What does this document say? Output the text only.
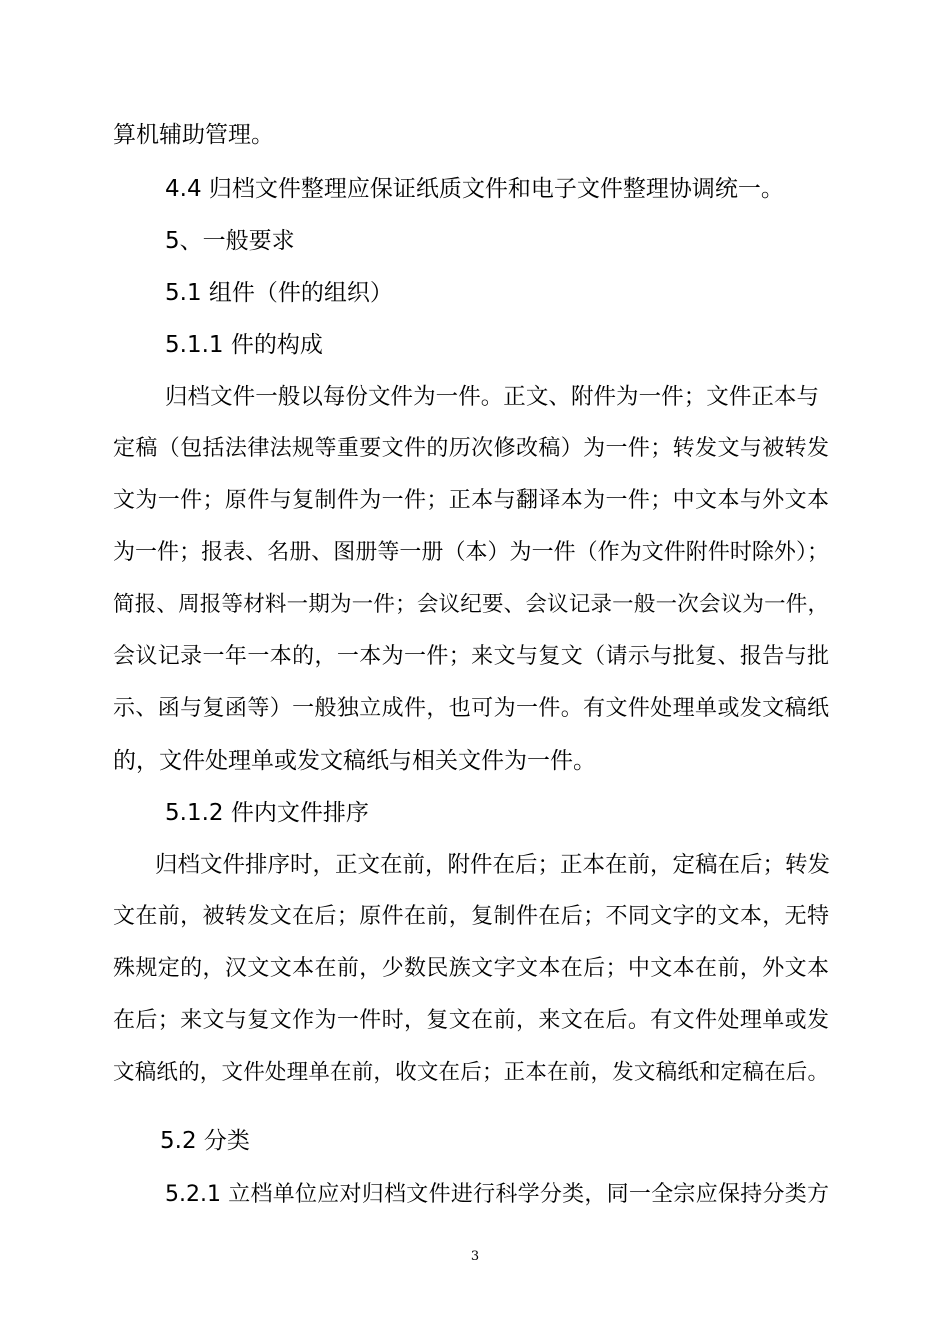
算机辅助管理。
4.4 归档文件整理应保证纸质文件和电子文件整理协调统一。
5、一般要求
5.1 组件（件的组织）
5.1.1 件的构成
归档文件一般以每份文件为一件。正文、附件为一件；文件正本与
定稿（包括法律法规等重要文件的历次修改稿）为一件；转发文与被转发
文为一件；原件与复制件为一件；正本与翻译本为一件；中文本与外文本
为一件；报表、名册、图册等一册（本）为一件（作为文件附件时除外）；
简报、周报等材料一期为一件；会议纪要、会议记录一般一次会议为一件，
会议记录一年一本的，一本为一件；来文与复文（请示与批复、报告与批
示、函与复函等）一般独立成件，也可为一件。有文件处理单或发文稿纸
的，文件处理单或发文稿纸与相关文件为一件。
5.1.2 件内文件排序
归档文件排序时，正文在前，附件在后；正本在前，定稿在后；转发
文在前，被转发文在后；原件在前，复制件在后；不同文字的文本，无特
殊规定的，汉文文本在前，少数民族文字文本在后；中文本在前，外文本
在后；来文与复文作为一件时，复文在前，来文在后。有文件处理单或发
文稿纸的，文件处理单在前，收文在后；正本在前，发文稿纸和定稿在后。
5.2 分类
5.2.1 立档单位应对归档文件进行科学分类，同一全宗应保持分类方
3
